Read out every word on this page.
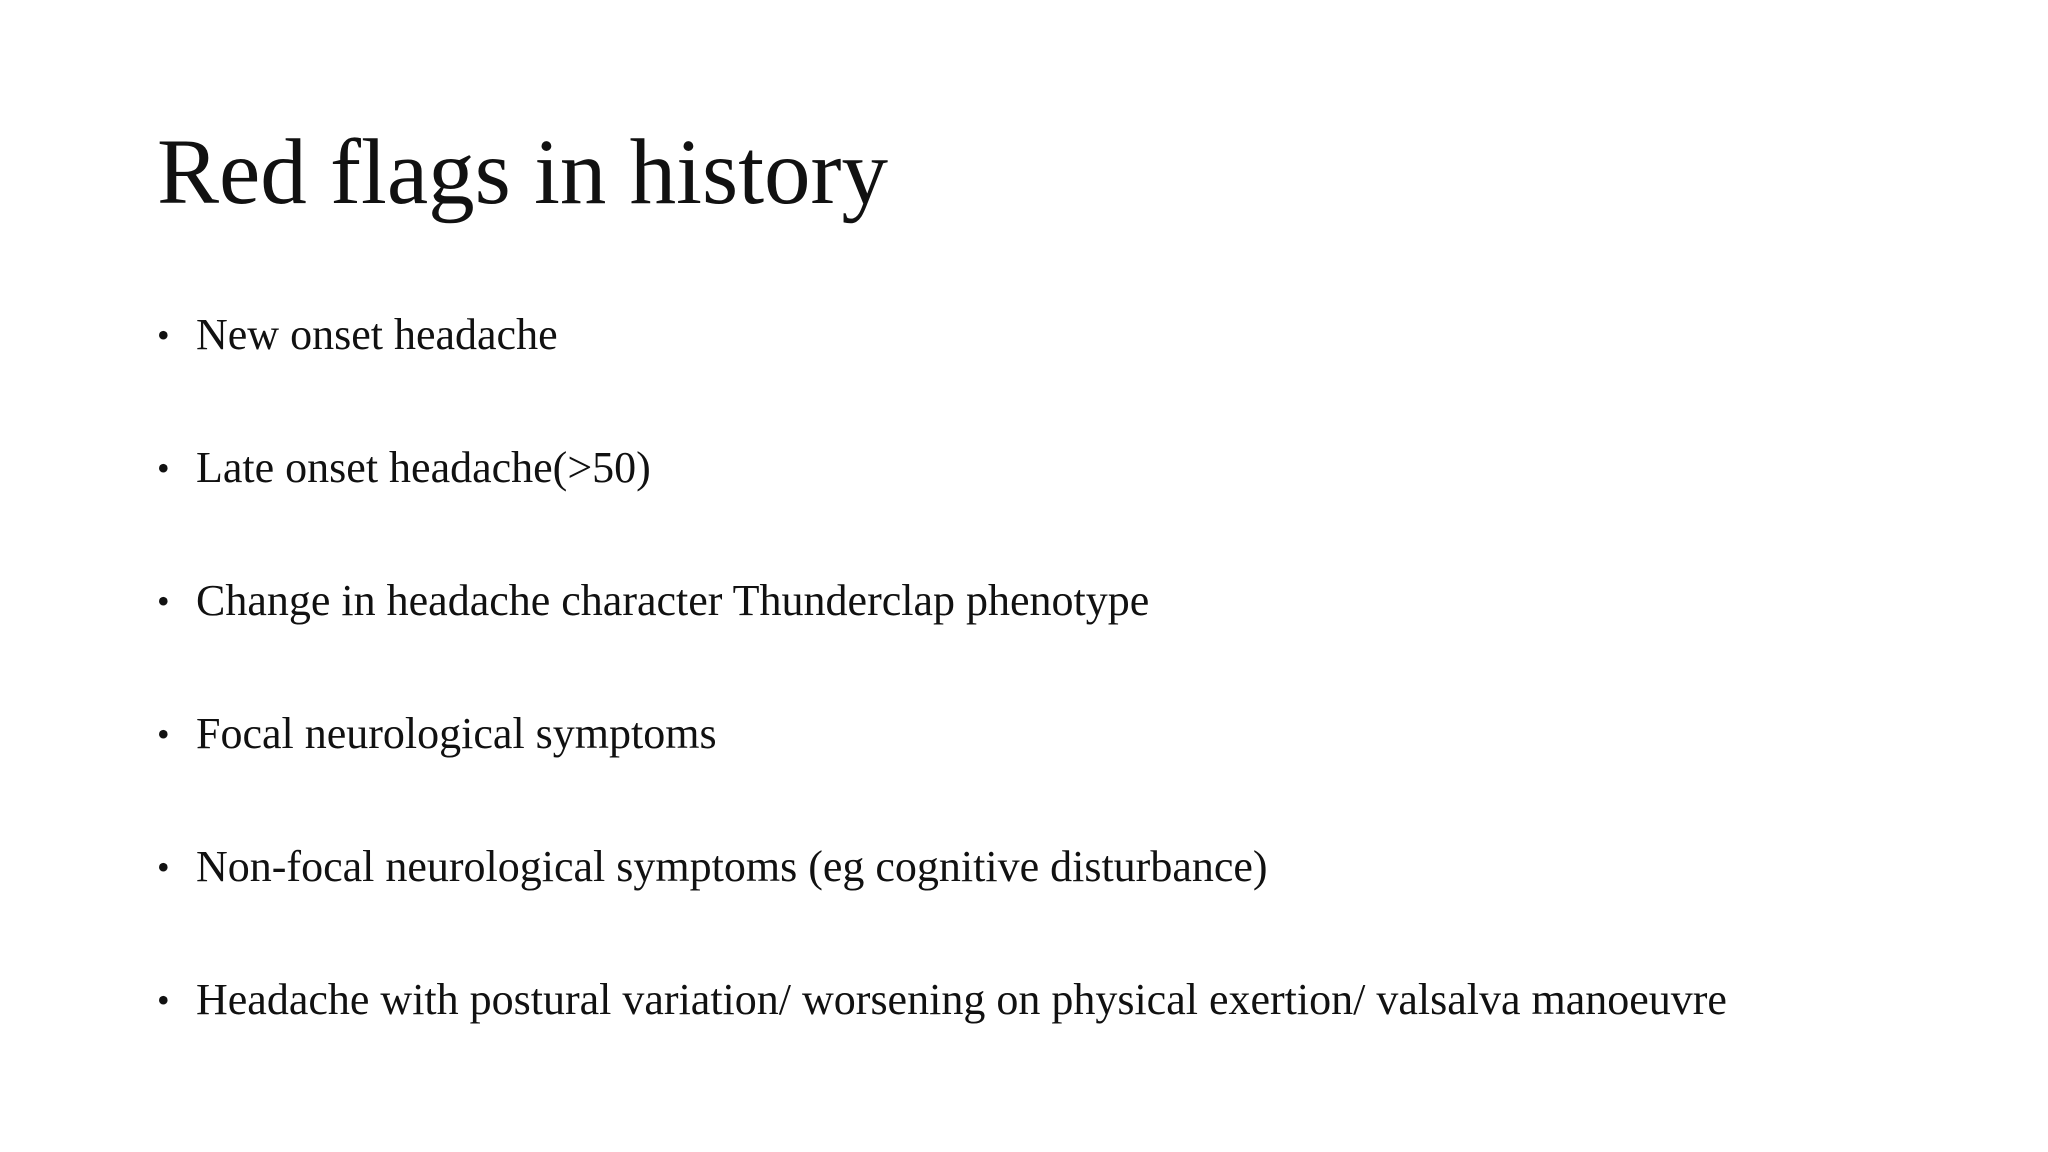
Red flags in history
• New onset headache
• Late onset headache(>50)
• Change in headache character Thunderclap phenotype
• Focal neurological symptoms
• Non-focal neurological symptoms (eg cognitive disturbance)
• Headache with postural variation/ worsening on physical exertion/ valsalva manoeuvre
